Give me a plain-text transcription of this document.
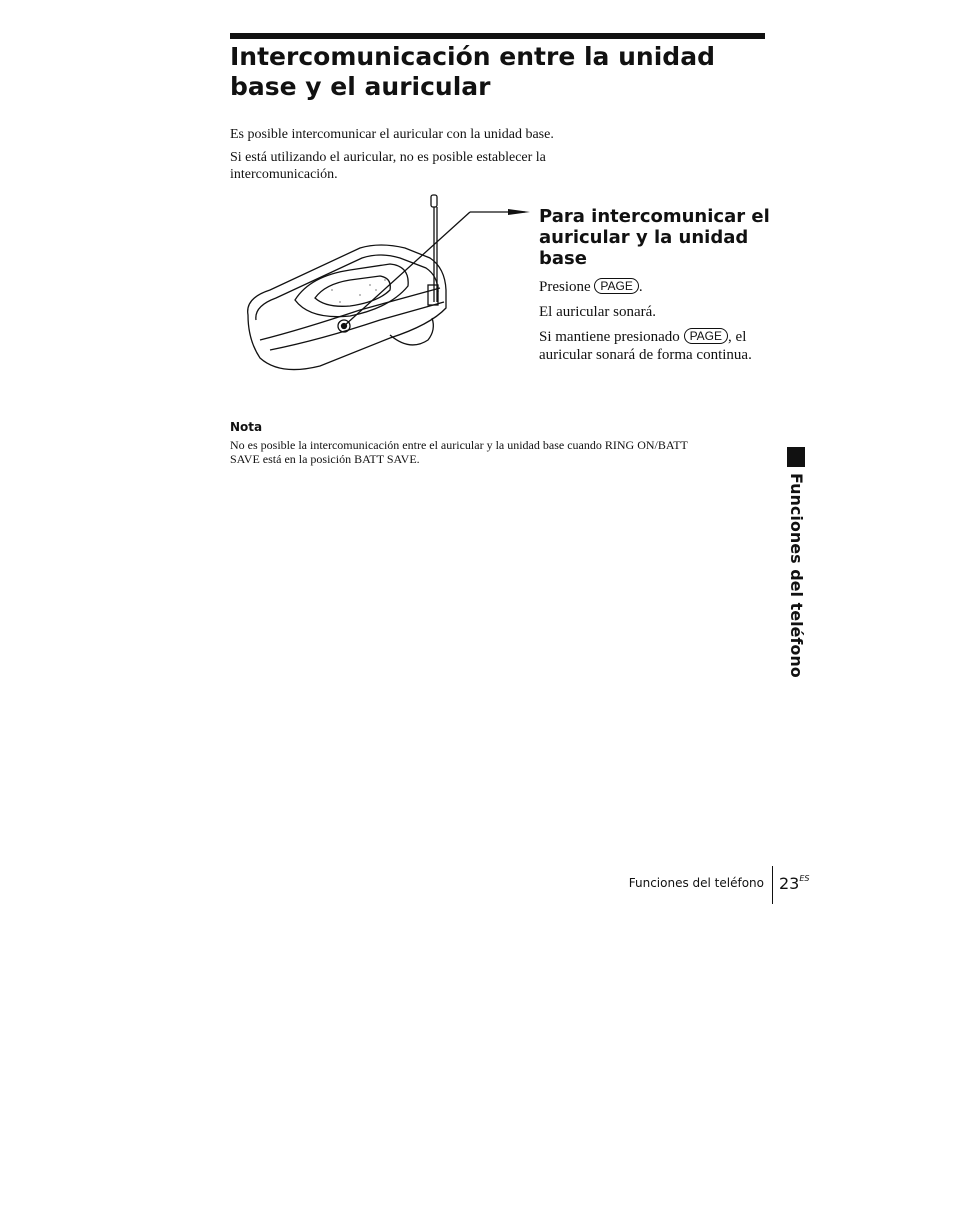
Intercomunicación entre la unidad base y el auricular

Es posible intercomunicar el auricular con la unidad base.

Si está utilizando el auricular, no es posible establecer la intercomunicación.

Para intercomunicar el auricular y la unidad base

Presione PAGE .

El auricular sonará.

Si mantiene presionado PAGE , el auricular sonará de forma continua.

Nota

No es posible la intercomunicación entre el auricular y la unidad base cuando RING ON/BATT SAVE está en la posición BATT SAVE.

Funciones del teléfono

Funciones del teléfono $23^{ES}$
